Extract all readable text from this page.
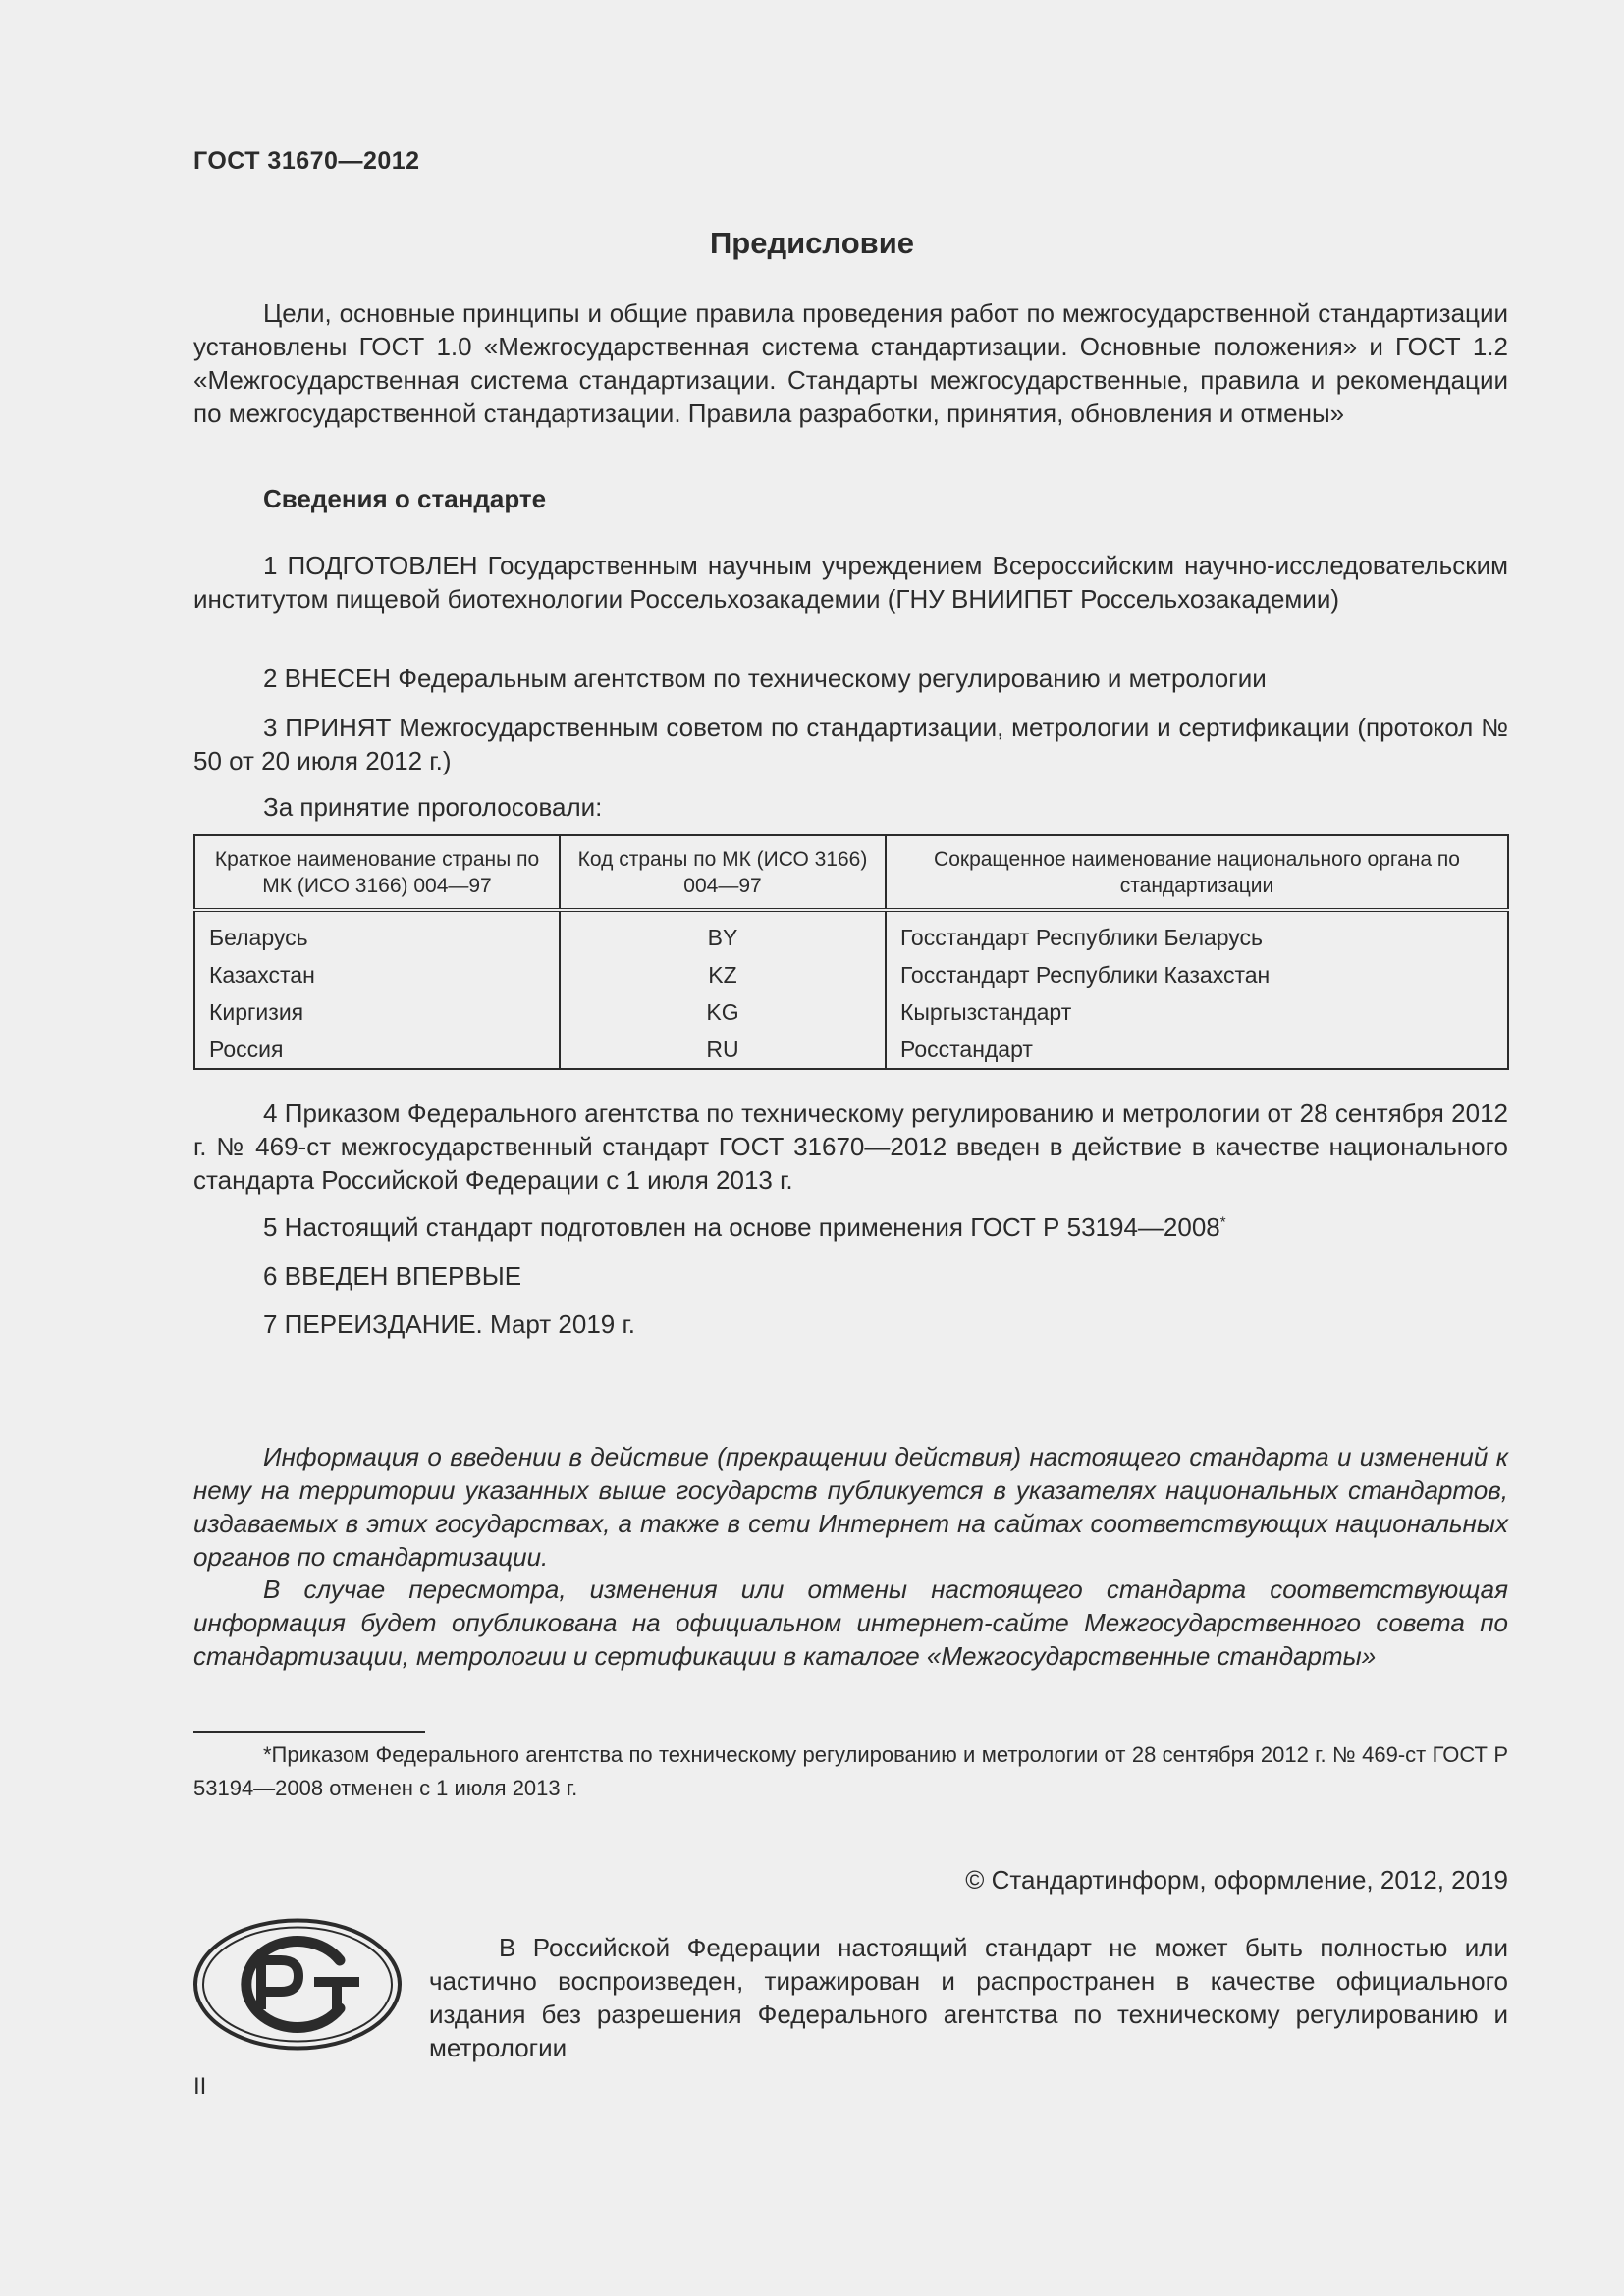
ГОСТ 31670—2012
Предисловие
Цели, основные принципы и общие правила проведения работ по межгосударственной стандартизации установлены ГОСТ 1.0 «Межгосударственная система стандартизации. Основные положения» и ГОСТ 1.2 «Межгосударственная система стандартизации. Стандарты межгосударственные, правила и рекомендации по межгосударственной стандартизации. Правила разработки, принятия, обновления и отмены»
Сведения о стандарте
1 ПОДГОТОВЛЕН Государственным научным учреждением Всероссийским научно-исследовательским институтом пищевой биотехнологии Россельхозакадемии (ГНУ ВНИИПБТ Россельхозакадемии)
2 ВНЕСЕН Федеральным агентством по техническому регулированию и метрологии
3 ПРИНЯТ Межгосударственным советом по стандартизации, метрологии и сертификации (протокол № 50 от 20 июля 2012 г.)
За принятие проголосовали:
Краткое наименование страны по МК (ИСО 3166) 004—97	Код страны по МК (ИСО 3166) 004—97	Сокращенное наименование национального органа по стандартизации
Беларусь	BY	Госстандарт Республики Беларусь
Казахстан	KZ	Госстандарт Республики Казахстан
Киргизия	KG	Кыргызстандарт
Россия	RU	Росстандарт
4 Приказом Федерального агентства по техническому регулированию и метрологии от 28 сентября 2012 г. № 469-ст межгосударственный стандарт ГОСТ 31670—2012 введен в действие в качестве национального стандарта Российской Федерации с 1 июля 2013 г.
5 Настоящий стандарт подготовлен на основе применения ГОСТ Р 53194—2008*
6 ВВЕДЕН ВПЕРВЫЕ
7 ПЕРЕИЗДАНИЕ. Март 2019 г.
Информация о введении в действие (прекращении действия) настоящего стандарта и изменений к нему на территории указанных выше государств публикуется в указателях национальных стандартов, издаваемых в этих государствах, а также в сети Интернет на сайтах соответствующих национальных органов по стандартизации.
В случае пересмотра, изменения или отмены настоящего стандарта соответствующая информация будет опубликована на официальном интернет-сайте Межгосударственного совета по стандартизации, метрологии и сертификации в каталоге «Межгосударственные стандарты»
*Приказом Федерального агентства по техническому регулированию и метрологии от 28 сентября 2012 г. № 469-ст ГОСТ Р 53194—2008 отменен с 1 июля 2013 г.
© Стандартинформ, оформление, 2012, 2019
В Российской Федерации настоящий стандарт не может быть полностью или частично воспроизведен, тиражирован и распространен в качестве официального издания без разрешения Федерального агентства по техническому регулированию и метрологии
II
